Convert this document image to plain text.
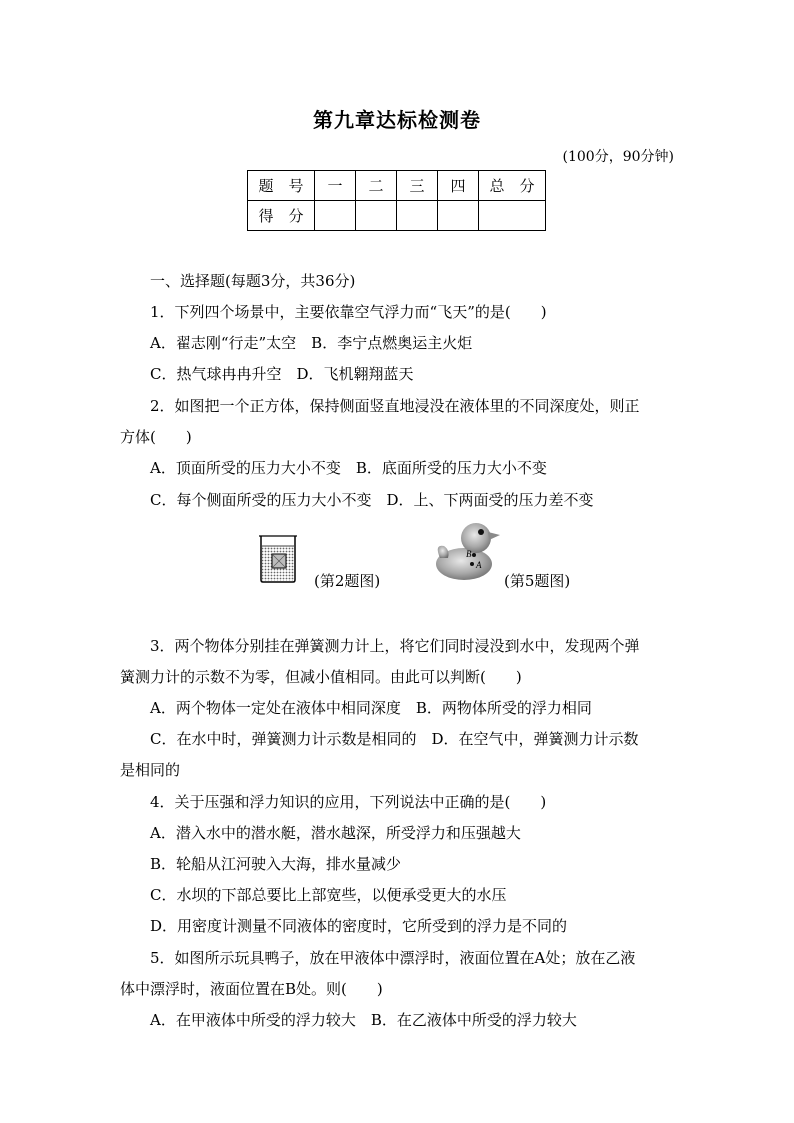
第九章达标检测卷
(100分，90分钟)
题　号	一	二	三	四	总　分
得　分					
一、选择题(每题3分，共36分)
1．下列四个场景中，主要依靠空气浮力而“飞天”的是(　　)
A．翟志刚“行走”太空　B．李宁点燃奥运主火炬
C．热气球冉冉升空　D．飞机翱翔蓝天
2．如图把一个正方体，保持侧面竖直地浸没在液体里的不同深度处，则正
方体(　　)
A．顶面所受的压力大小不变　B．底面所受的压力大小不变
C．每个侧面所受的压力大小不变　D．上、下两面受的压力差不变
(第2题图)
B
A
(第5题图)
3．两个物体分别挂在弹簧测力计上，将它们同时浸没到水中，发现两个弹
簧测力计的示数不为零，但减小值相同。由此可以判断(　　)
A．两个物体一定处在液体中相同深度　B．两物体所受的浮力相同
C．在水中时，弹簧测力计示数是相同的　D．在空气中，弹簧测力计示数
是相同的
4．关于压强和浮力知识的应用，下列说法中正确的是(　　)
A．潜入水中的潜水艇，潜水越深，所受浮力和压强越大
B．轮船从江河驶入大海，排水量减少
C．水坝的下部总要比上部宽些，以便承受更大的水压
D．用密度计测量不同液体的密度时，它所受到的浮力是不同的
5．如图所示玩具鸭子，放在甲液体中漂浮时，液面位置在A处；放在乙液
体中漂浮时，液面位置在B处。则(　　)
A．在甲液体中所受的浮力较大　B．在乙液体中所受的浮力较大
